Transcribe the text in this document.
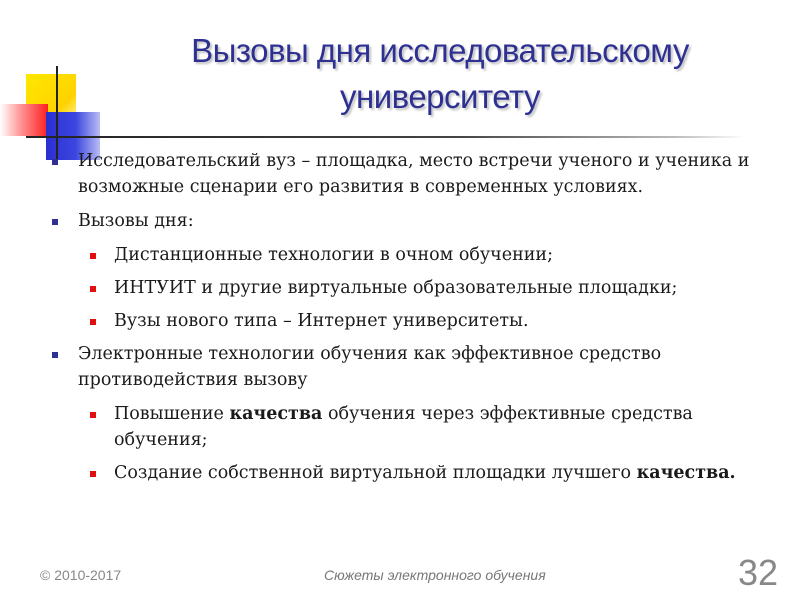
Вызовы дня исследовательскому университету
Исследовательский вуз – площадка, место встречи ученого и ученика и возможные сценарии его развития в современных условиях.
Вызовы дня:
Дистанционные технологии в очном обучении;
ИНТУИТ и другие виртуальные образовательные площадки;
Вузы нового типа – Интернет университеты.
Электронные технологии обучения как эффективное средство противодействия вызову
Повышение качества обучения через эффективные средства обучения;
Создание собственной виртуальной площадки лучшего качества.
© 2010-2017	Сюжеты электронного обучения	32
